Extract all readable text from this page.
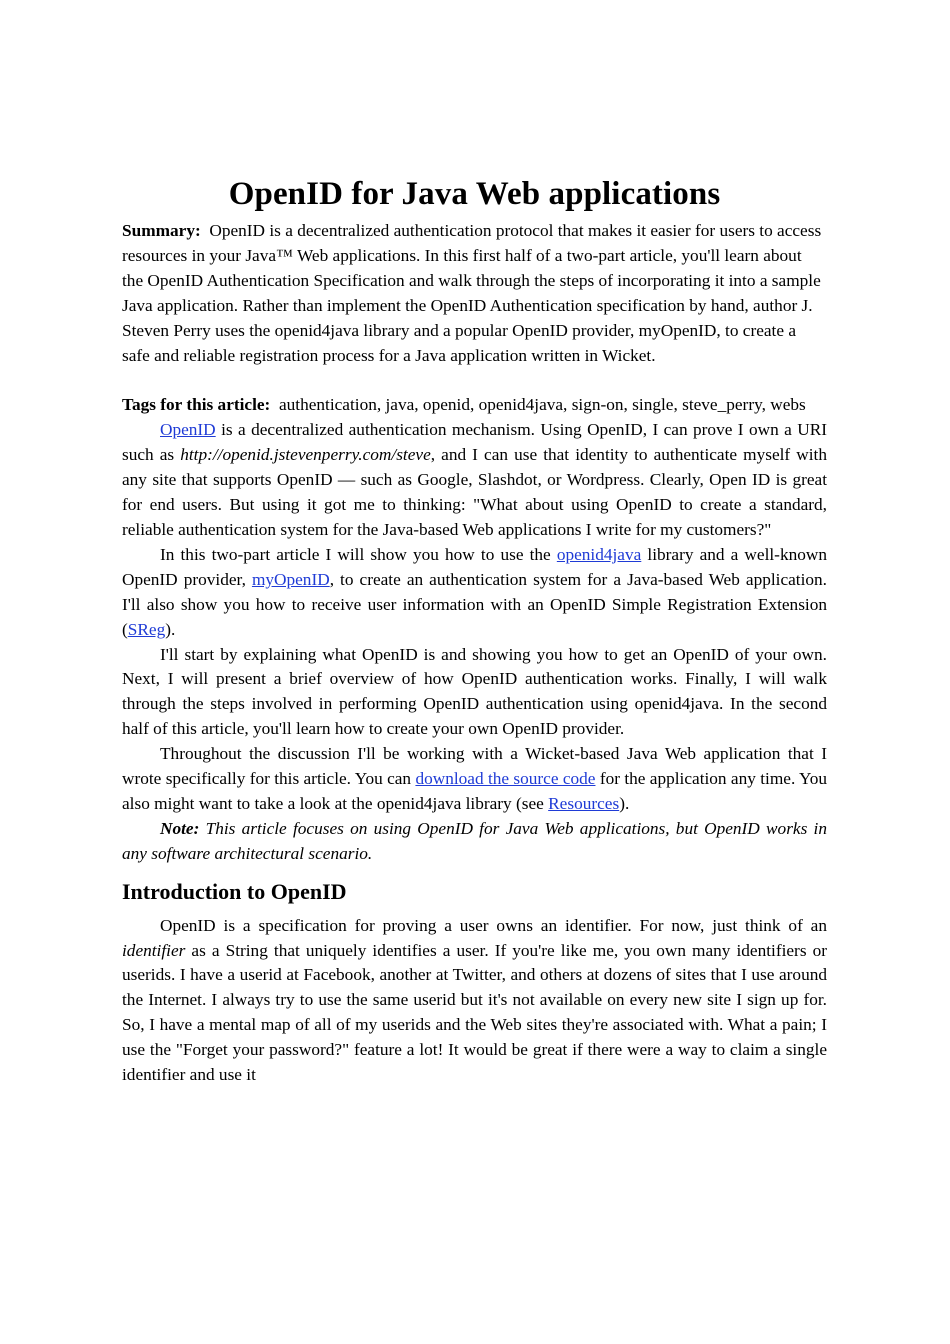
OpenID for Java Web applications

Summary: OpenID is a decentralized authentication protocol that makes it easier for users to access resources in your Java™ Web applications. In this first half of a two-part article, you'll learn about the OpenID Authentication Specification and walk through the steps of incorporating it into a sample Java application. Rather than implement the OpenID Authentication specification by hand, author J. Steven Perry uses the openid4java library and a popular OpenID provider, myOpenID, to create a safe and reliable registration process for a Java application written in Wicket.

Tags for this article: authentication, java, openid, openid4java, sign-on, single, steve_perry, webs

OpenID is a decentralized authentication mechanism. Using OpenID, I can prove I own a URI such as http://openid.jstevenperry.com/steve, and I can use that identity to authenticate myself with any site that supports OpenID — such as Google, Slashdot, or Wordpress. Clearly, Open ID is great for end users. But using it got me to thinking: "What about using OpenID to create a standard, reliable authentication system for the Java-based Web applications I write for my customers?"

In this two-part article I will show you how to use the openid4java library and a well-known OpenID provider, myOpenID, to create an authentication system for a Java-based Web application. I'll also show you how to receive user information with an OpenID Simple Registration Extension (SReg).

I'll start by explaining what OpenID is and showing you how to get an OpenID of your own. Next, I will present a brief overview of how OpenID authentication works. Finally, I will walk through the steps involved in performing OpenID authentication using openid4java. In the second half of this article, you'll learn how to create your own OpenID provider.

Throughout the discussion I'll be working with a Wicket-based Java Web application that I wrote specifically for this article. You can download the source code for the application any time. You also might want to take a look at the openid4java library (see Resources).

Note: This article focuses on using OpenID for Java Web applications, but OpenID works in any software architectural scenario.

Introduction to OpenID

OpenID is a specification for proving a user owns an identifier. For now, just think of an identifier as a String that uniquely identifies a user. If you're like me, you own many identifiers or userids. I have a userid at Facebook, another at Twitter, and others at dozens of sites that I use around the Internet. I always try to use the same userid but it's not available on every new site I sign up for. So, I have a mental map of all of my userids and the Web sites they're associated with. What a pain; I use the "Forget your password?" feature a lot! It would be great if there were a way to claim a single identifier and use it
